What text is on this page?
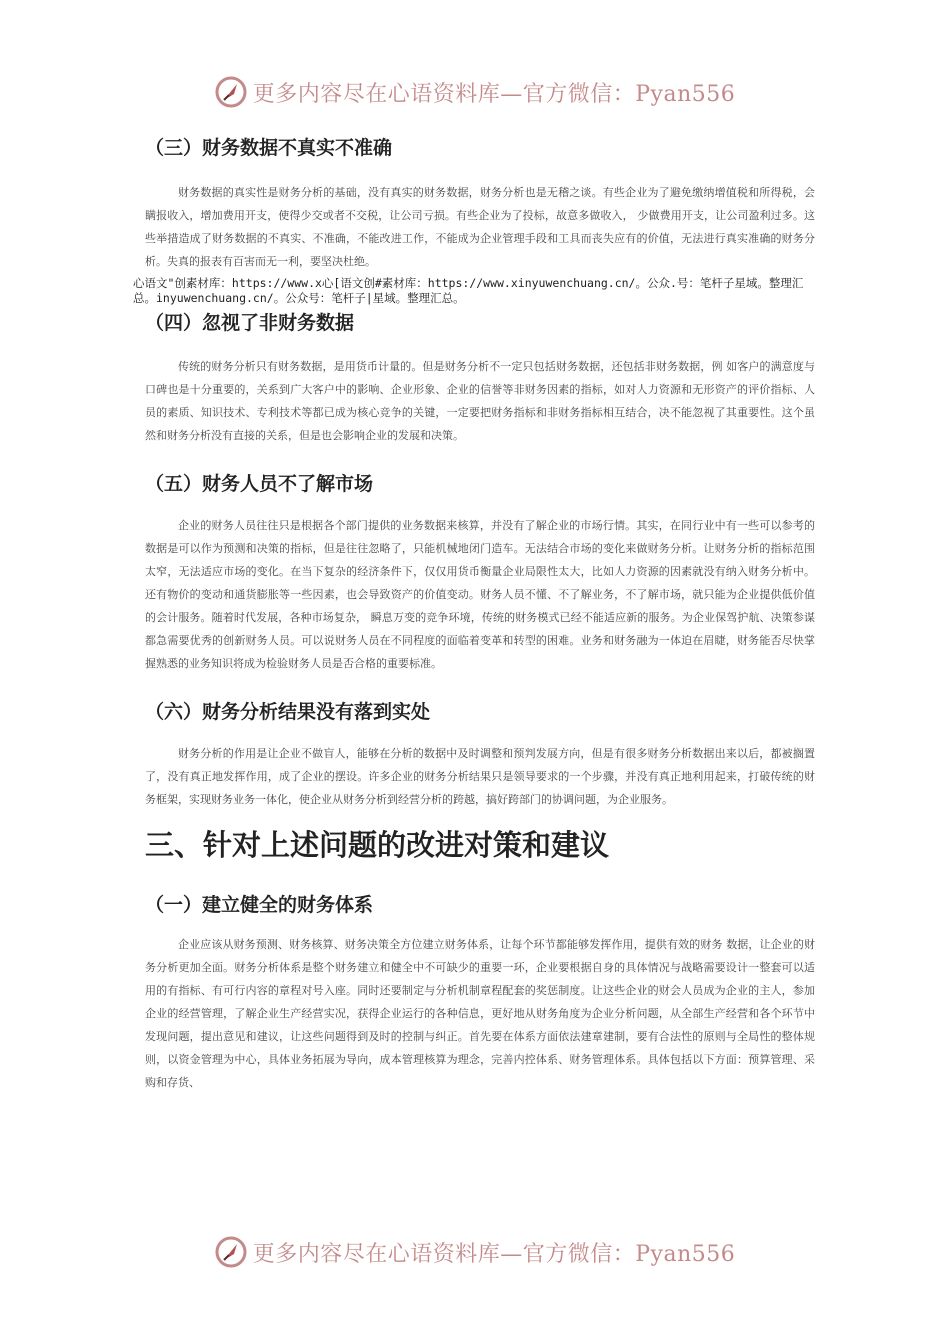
更多内容尽在心语资料库—官方微信：Pyan556
（三）财务数据不真实不准确

财务数据的真实性是财务分析的基础，没有真实的财务数据，财务分析也是无稽之谈。有些企业为了避免缴纳增值税和所得税，会瞒报收入，增加费用开支，使得少交或者不交税，让公司亏损。有些企业为了投标，故意多做收入， 少做费用开支，让公司盈利过多。这些举措造成了财务数据的不真实、不准确，不能改进工作，不能成为企业管理手段和工具而丧失应有的价值，无法进行真实准确的财务分析。失真的报表有百害而无一利，要坚决杜绝。

心语文"创素材库：https://www.x心[语文创#素材库：https://www.xinyuwenchuang.cn/。公众.号：笔杆子星域。整理汇总。inyuwenchuang.cn/。公众号：笔杆子|星域。整理汇总。
（四）忽视了非财务数据

传统的财务分析只有财务数据，是用货币计量的。但是财务分析不一定只包括财务数据，还包括非财务数据，例 如客户的满意度与口碑也是十分重要的，关系到广大客户中的影响、企业形象、企业的信誉等非财务因素的指标，如对人力资源和无形资产的评价指标、人员的素质、知识技术、专利技术等都已成为核心竞争的关键，一定要把财务指标和非财务指标相互结合，决不能忽视了其重要性。这个虽然和财务分析没有直接的关系，但是也会影响企业的发展和决策。

（五）财务人员不了解市场

企业的财务人员往往只是根据各个部门提供的业务数据来核算，并没有了解企业的市场行情。其实，在同行业中有一些可以参考的数据是可以作为预测和决策的指标，但是往往忽略了，只能机械地闭门造车。无法结合市场的变化来做财务分析。让财务分析的指标范围太窄，无法适应市场的变化。在当下复杂的经济条件下，仅仅用货币衡量企业局限性太大，比如人力资源的因素就没有纳入财务分析中。还有物价的变动和通货膨胀等一些因素，也会导致资产的价值变动。财务人员不懂、不了解业务，不了解市场，就只能为企业提供低价值的会计服务。随着时代发展，各种市场复杂， 瞬息万变的竞争环境，传统的财务模式已经不能适应新的服务。为企业保驾护航、决策参谋都急需要优秀的创新财务人员。可以说财务人员在不同程度的面临着变革和转型的困难。业务和财务融为一体迫在眉睫，财务能否尽快掌握熟悉的业务知识将成为检验财务人员是否合格的重要标准。

（六）财务分析结果没有落到实处

财务分析的作用是让企业不做盲人，能够在分析的数据中及时调整和预判发展方向，但是有很多财务分析数据出来以后，都被搁置了，没有真正地发挥作用，成了企业的摆设。许多企业的财务分析结果只是领导要求的一个步骤，并没有真正地利用起来，打破传统的财务框架，实现财务业务一体化，使企业从财务分析到经营分析的跨越，搞好跨部门的协调问题，为企业服务。

三、针对上述问题的改进对策和建议
（一）建立健全的财务体系

企业应该从财务预测、财务核算、财务决策全方位建立财务体系，让每个环节都能够发挥作用，提供有效的财务 数据，让企业的财务分析更加全面。财务分析体系是整个财务建立和健全中不可缺少的重要一环，企业要根据自身的具体情况与战略需要设计一整套可以适用的有指标、有可行内容的章程对号入座。同时还要制定与分析机制章程配套的奖惩制度。让这些企业的财会人员成为企业的主人，参加企业的经营管理，了解企业生产经营实况，获得企业运行的各种信息，更好地从财务角度为企业分析问题，从全部生产经营和各个环节中发现问题，提出意见和建议，让这些问题得到及时的控制与纠正。首先要在体系方面依法建章建制，要有合法性的原则与全局性的整体规则，以资金管理为中心，具体业务拓展为导向，成本管理核算为理念，完善内控体系、财务管理体系。具体包括以下方面：预算管理、采购和存货、

更多内容尽在心语资料库—官方微信：Pyan556
